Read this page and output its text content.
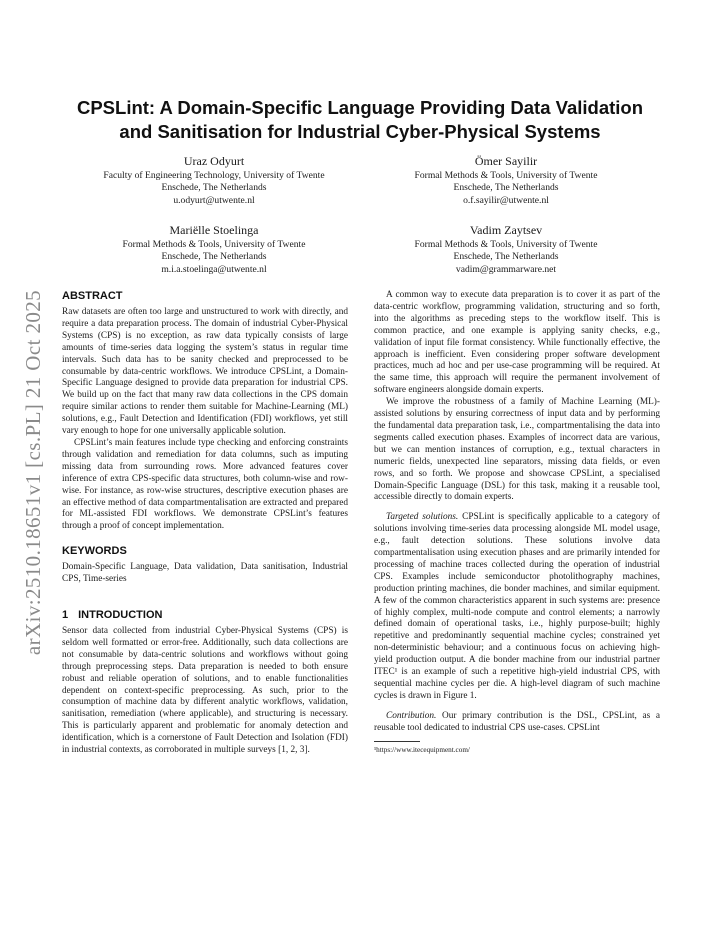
arXiv:2510.18651v1 [cs.PL] 21 Oct 2025
CPSLint: A Domain-Specific Language Providing Data Validation and Sanitisation for Industrial Cyber-Physical Systems
Uraz Odyurt
Faculty of Engineering Technology, University of Twente
Enschede, The Netherlands
u.odyurt@utwente.nl
Ömer Sayilir
Formal Methods & Tools, University of Twente
Enschede, The Netherlands
o.f.sayilir@utwente.nl
Mariëlle Stoelinga
Formal Methods & Tools, University of Twente
Enschede, The Netherlands
m.i.a.stoelinga@utwente.nl
Vadim Zaytsev
Formal Methods & Tools, University of Twente
Enschede, The Netherlands
vadim@grammarware.net
ABSTRACT

Raw datasets are often too large and unstructured to work with directly, and require a data preparation process. The domain of industrial Cyber-Physical Systems (CPS) is no exception, as raw data typically consists of large amounts of time-series data logging the system’s status in regular time intervals. Such data has to be sanity checked and preprocessed to be consumable by data-centric workflows. We introduce CPSLint, a Domain-Specific Language designed to provide data preparation for industrial CPS. We build up on the fact that many raw data collections in the CPS domain require similar actions to render them suitable for Machine-Learning (ML) solutions, e.g., Fault Detection and Identification (FDI) workflows, yet still vary enough to hope for one universally applicable solution.

CPSLint’s main features include type checking and enforcing constraints through validation and remediation for data columns, such as imputing missing data from surrounding rows. More advanced features cover inference of extra CPS-specific data structures, both column-wise and row-wise. For instance, as row-wise structures, descriptive execution phases are an effective method of data compartmentalisation are extracted and prepared for ML-assisted FDI workflows. We demonstrate CPSLint’s features through a proof of concept implementation.

KEYWORDS

Domain-Specific Language, Data validation, Data sanitisation, Industrial CPS, Time-series

1 INTRODUCTION

Sensor data collected from industrial Cyber-Physical Systems (CPS) is seldom well formatted or error-free. Additionally, such data collections are not consumable by data-centric solutions and workflows without going through preprocessing steps. Data preparation is needed to both ensure robust and reliable operation of solutions, and to enable functionalities dependent on context-specific preprocessing. As such, prior to the consumption of machine data by different analytic workflows, validation, sanitisation, remediation (where applicable), and structuring is necessary. This is particularly apparent and problematic for anomaly detection and identification, which is a cornerstone of Fault Detection and Isolation (FDI) in industrial contexts, as corroborated in multiple surveys [1, 2, 3].

A common way to execute data preparation is to cover it as part of the data-centric workflow, programming validation, structuring and so forth, into the algorithms as preceding steps to the workflow itself. This is common practice, and one example is applying sanity checks, e.g., validation of input file format consistency. While functionally effective, the approach is inefficient. Even considering proper software development practices, much ad hoc and per use-case programming will be required. At the same time, this approach will require the permanent involvement of software engineers alongside domain experts.

We improve the robustness of a family of Machine Learning (ML)-assisted solutions by ensuring correctness of input data and by performing the fundamental data preparation task, i.e., compartmentalising the data into segments called execution phases. Examples of incorrect data are various, but we can mention instances of corruption, e.g., textual characters in numeric fields, unexpected line separators, missing data fields, or even rows, and so forth. We propose and showcase CPSLint, a specialised Domain-Specific Language (DSL) for this task, making it a reusable tool, accessible directly to domain experts.

Targeted solutions. CPSLint is specifically applicable to a category of solutions involving time-series data processing alongside ML model usage, e.g., fault detection solutions. These solutions involve data compartmentalisation using execution phases and are primarily intended for processing of machine traces collected during the operation of industrial CPS. Examples include semiconductor photolithography machines, production printing machines, die bonder machines, and similar equipment. A few of the common characteristics apparent in such systems are: presence of highly complex, multi-node compute and control elements; a narrowly defined domain of operational tasks, i.e., highly purpose-built; highly repetitive and predominantly sequential machine cycles; constrained yet non-deterministic behaviour; and a continuous focus on achieving high-yield production output. A die bonder machine from our industrial partner ITEC¹ is an example of such a repetitive high-yield industrial CPS, with sequential machine cycles per die. A high-level diagram of such machine cycles is drawn in Figure 1.

Contribution. Our primary contribution is the DSL, CPSLint, as a reusable tool dedicated to industrial CPS use-cases. CPSLint

¹https://www.itecequipment.com/
